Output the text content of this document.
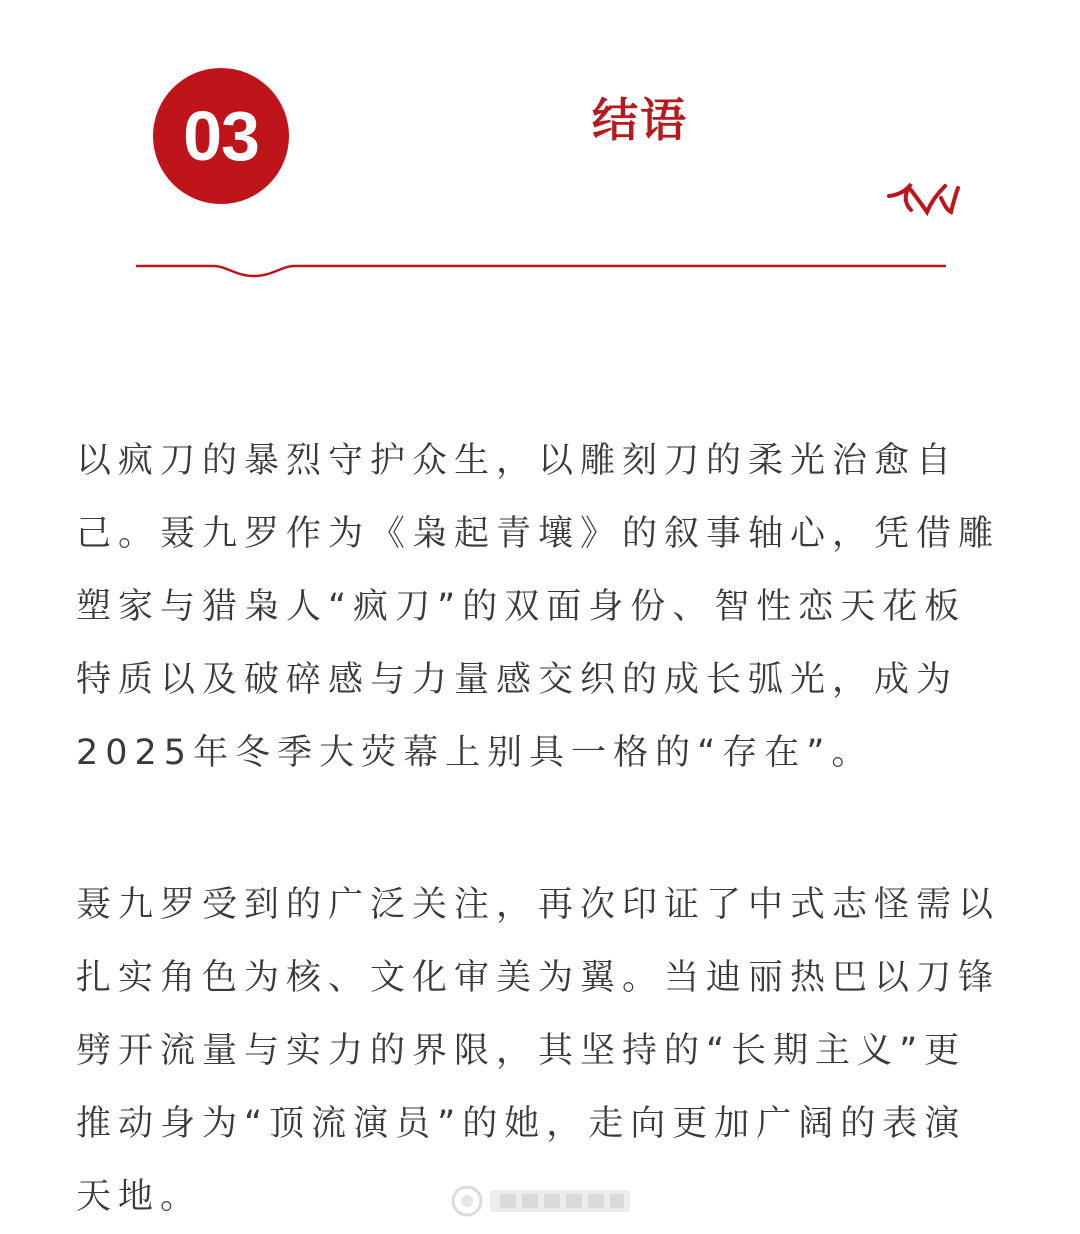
03	结语

以疯刀的暴烈守护众生，以雕刻刀的柔光治愈自己。聂九罗作为《枭起青壤》的叙事轴心，凭借雕塑家与猎枭人“疯刀”的双面身份、智性恋天花板特质以及破碎感与力量感交织的成长弧光，成为2025年冬季大荧幕上别具一格的“存在”。

聂九罗受到的广泛关注，再次印证了中式志怪需以扎实角色为核、文化审美为翼。当迪丽热巴以刀锋劈开流量与实力的界限，其坚持的“长期主义”更推动身为“顶流演员”的她，走向更加广阔的表演天地。
